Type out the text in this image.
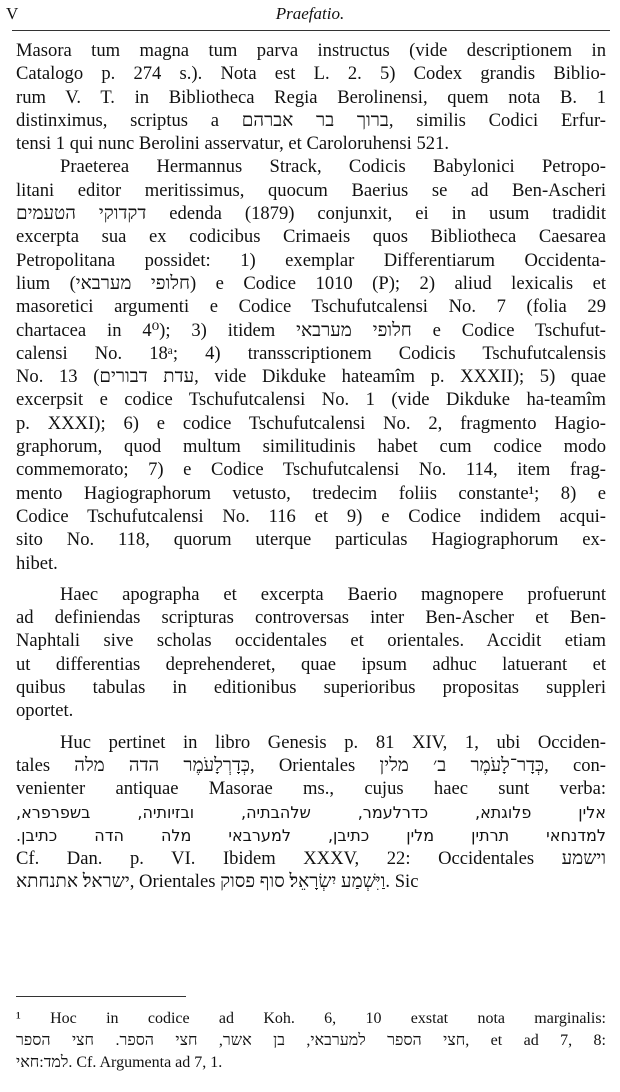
V	Praefatio.

Masora tum magna tum parva instructus (vide descriptionem in
Catalogo p. 274 s.). Nota est L. 2. 5) Codex grandis Biblio-
rum V. T. in Bibliotheca Regia Berolinensi, quem nota B. 1
distinximus, scriptus a ברוך בר אברהם, similis Codici Erfur-
tensi 1 qui nunc Berolini asservatur, et Caroloruhensi 521.

Praeterea Hermannus Strack, Codicis Babylonici Petropo-
litani editor meritissimus, quocum Baerius se ad Ben-Ascheri
דקדוקי הטעמים edenda (1879) conjunxit, ei in usum tradidit
excerpta sua ex codicibus Crimaeis quos Bibliotheca Caesarea
Petropolitana possidet: 1) exemplar Differentiarum Occidenta-
lium (חלופי מערבאי) e Codice 1010 (P); 2) aliud lexicalis et
masoretici argumenti e Codice Tschufutcalensi No. 7 (folia 29
chartacea in 4⁰); 3) itidem חלופי מערבאי e Codice Tschufut-
calensi No. 18ᵃ; 4) transscriptionem Codicis Tschufutcalensis
No. 13 (עדת דבורים, vide Dikduke hateamîm p. XXXII); 5) quae
excerpsit e codice Tschufutcalensi No. 1 (vide Dikduke ha-teamîm
p. XXXI); 6) e codice Tschufutcalensi No. 2, fragmento Hagio-
graphorum, quod multum similitudinis habet cum codice modo
commemorato; 7) e Codice Tschufutcalensi No. 114, item frag-
mento Hagiographorum vetusto, tredecim foliis constante¹; 8) e
Codice Tschufutcalensi No. 116 et 9) e Codice indidem acqui-
sito No. 118, quorum uterque particulas Hagiographorum ex-
hibet.

Haec apographa et excerpta Baerio magnopere profuerunt
ad definiendas scripturas controversas inter Ben-Ascher et Ben-
Naphtali sive scholas occidentales et orientales. Accidit etiam
ut differentias deprehenderet, quae ipsum adhuc latuerant et
quibus tabulas in editionibus superioribus propositas suppleri
oportet.

Huc pertinet in libro Genesis p. 81 XIV, 1, ubi Occiden-
tales כְּדָרְלָעֹמֶר הדה מלה, Orientales כְּדָר־לָעֹמֶר ב׳ מלין, con-
venienter antiquae Masorae ms., cujus haec sunt verba:
אלין פלוגתא, כדרלעמר, שלהבתיה, ובזיותיה, בשפרפרא,
למדנחאי תרתין מלין כתיבן, למערבאי מלה הדה כתיבן.
Cf. Dan. p. VI. Ibidem XXXV, 22: Occidentales וישמע
ישראל׃ אתנחתא, Orientales וַיִּשְׁמַע יִשְׂרָאֵל׃ סוף פסוק. Sic

¹ Hoc in codice ad Koh. 6, 10 exstat nota marginalis:
חצי הספר למערבאי, בן אשר, חצי הספר. חצי הספר, et ad 7, 8:
למד:חאי. Cf. Argumenta ad 7, 1.
